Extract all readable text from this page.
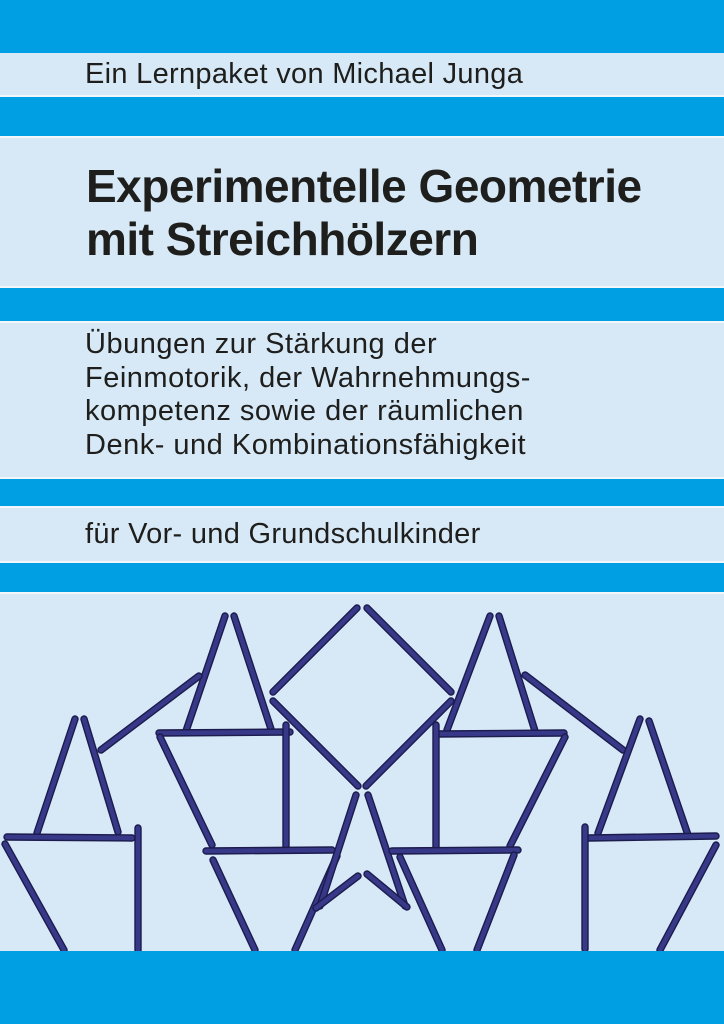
Ein Lernpaket von Michael Junga
Experimentelle Geometrie
mit Streichhölzern
Übungen zur Stärkung der
Feinmotorik, der Wahrnehmungs-
kompetenz sowie der räumlichen
Denk- und Kombinationsfähigkeit
für Vor- und Grundschulkinder
